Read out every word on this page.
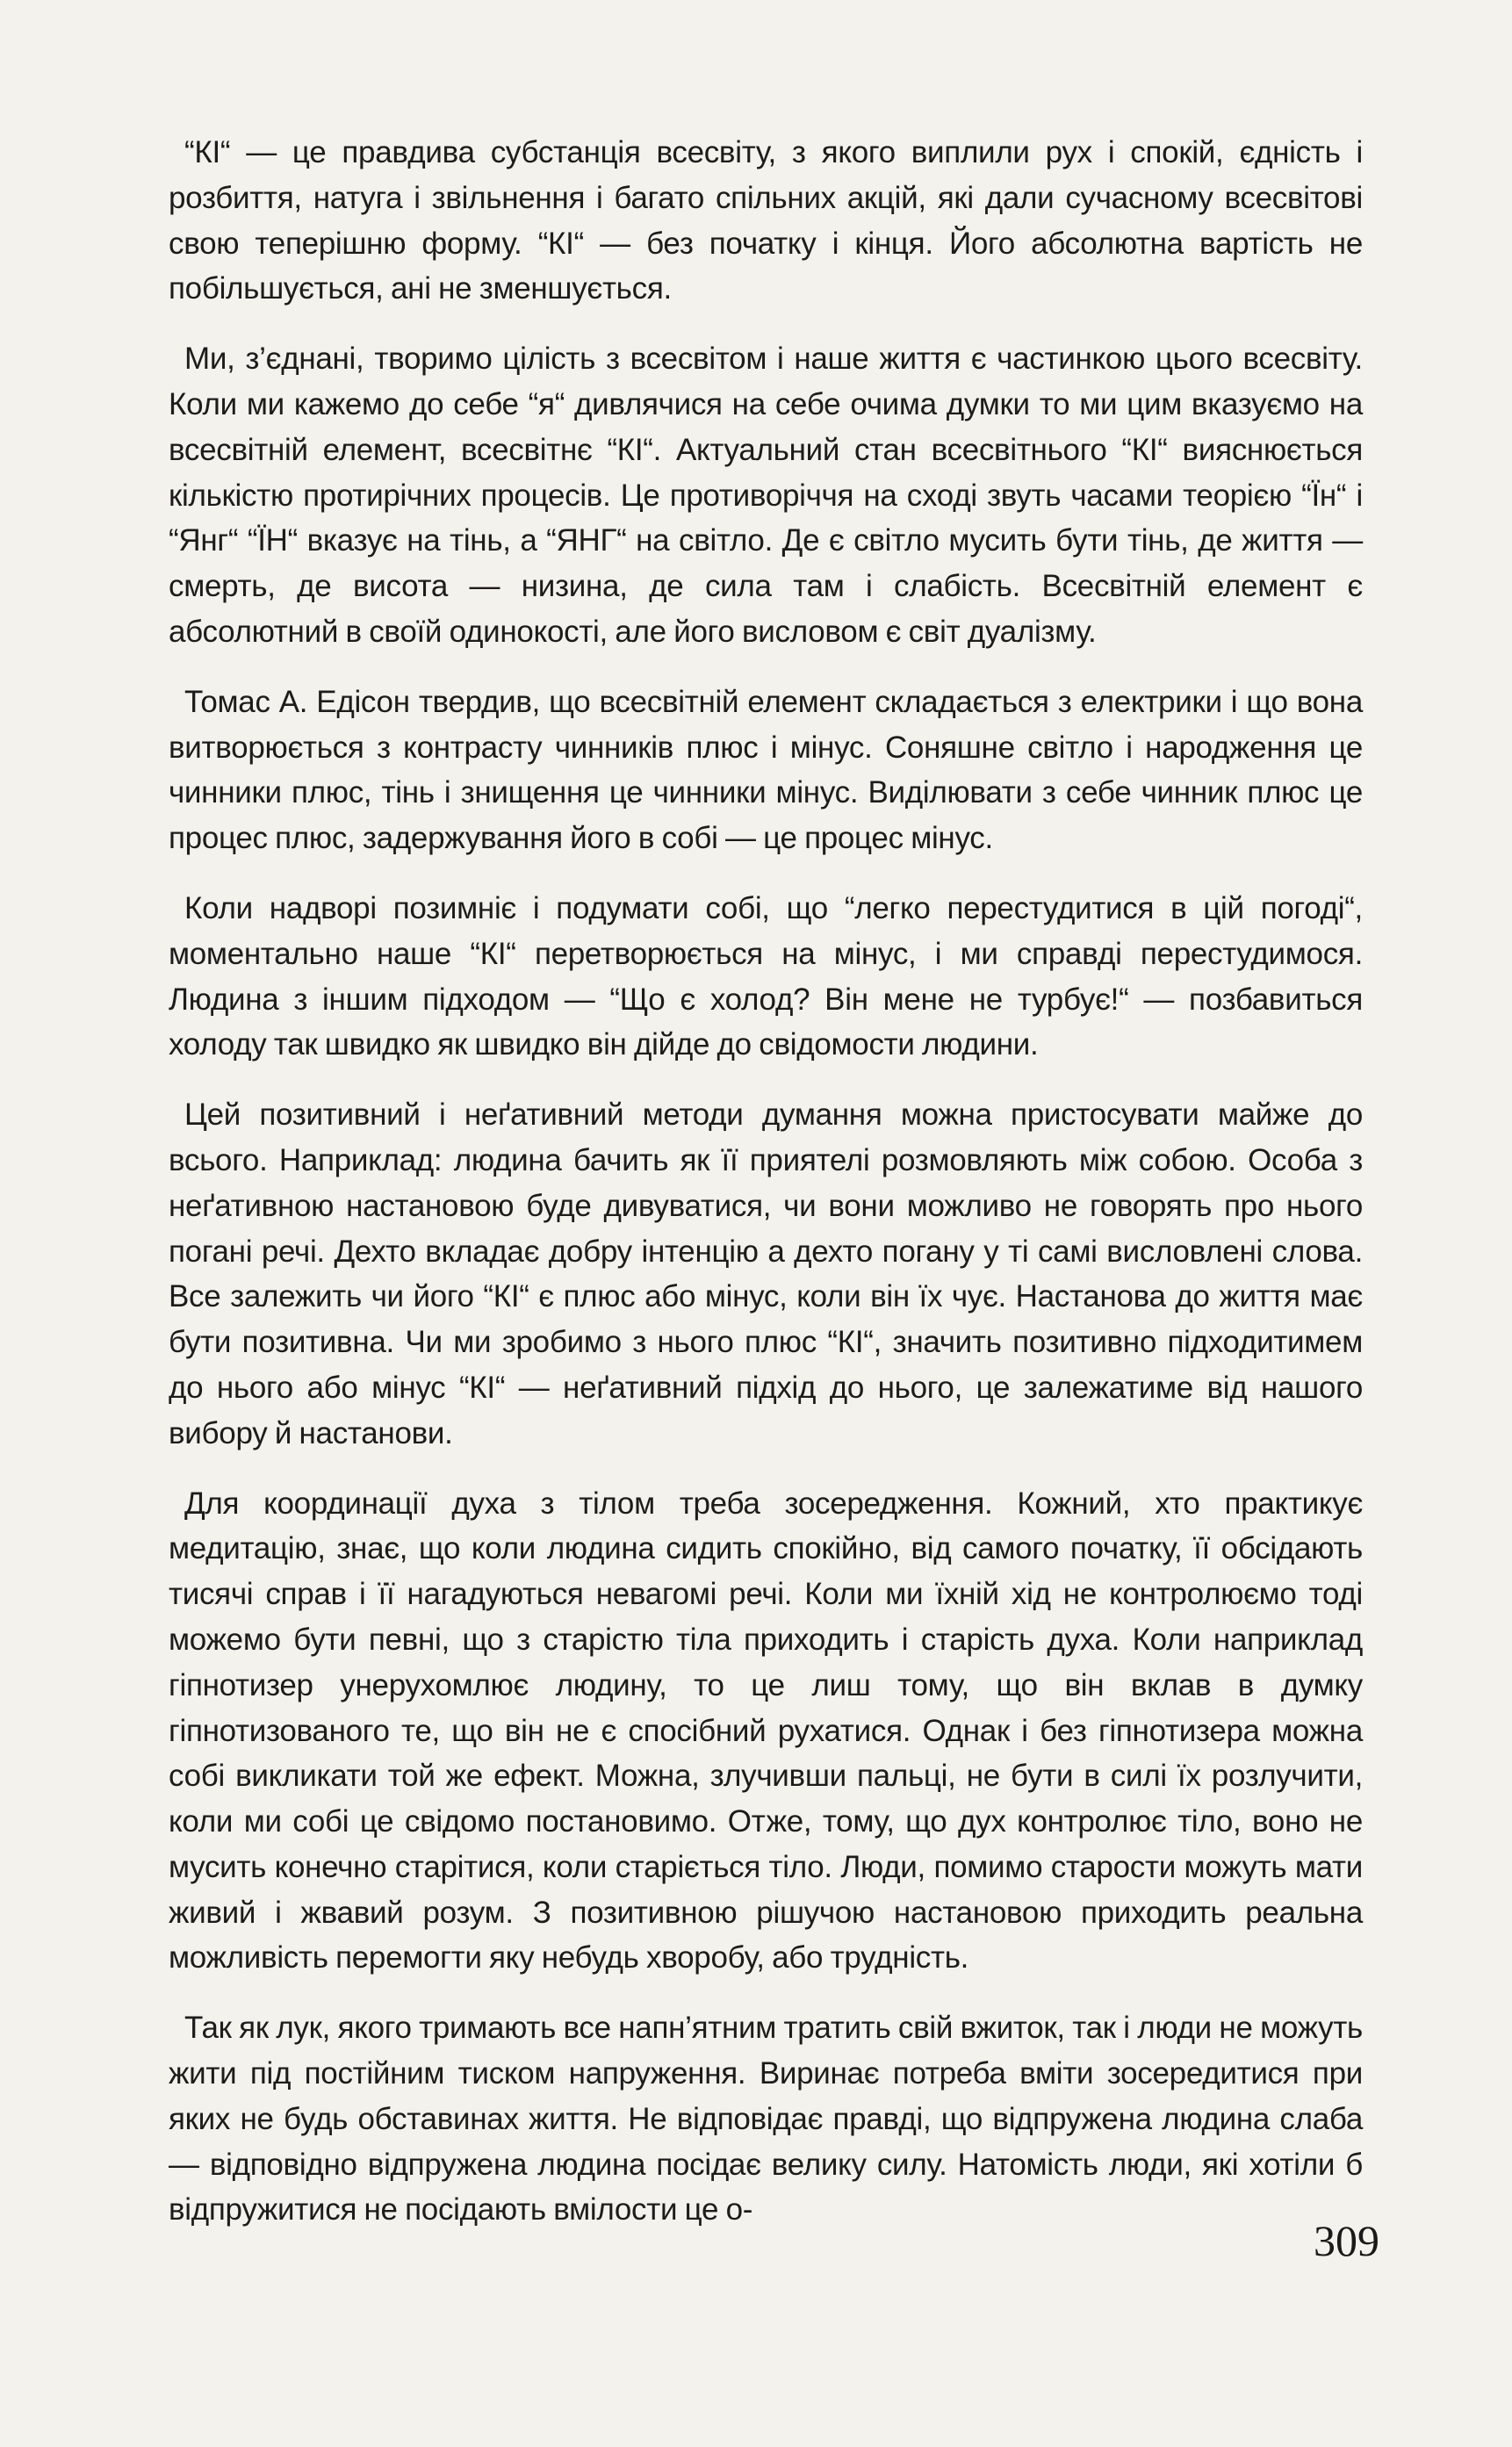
“КІ“ — це правдива субстанція всесвіту, з якого виплили рух і спокій, єдність і розбиття, натуга і звільнення і багато спільних акцій, які дали сучасному всесвітові свою теперішню форму. “КІ“ — без початку і кінця. Його абсолютна вартість не побільшується, ані не зменшується.

Ми, з’єднані, творимо цілість з всесвітом і наше життя є частинкою цього всесвіту. Коли ми кажемо до себе “я“ дивлячися на себе очима думки то ми цим вказуємо на всесвітній елемент, всесвітнє “КІ“. Актуальний стан всесвітнього “КІ“ вияснюється кількістю протирічних процесів. Це противоріччя на сході звуть часами теорією “Їн“ і “Янг“ “ЇН“ вказує на тінь, а “ЯНГ“ на світло. Де є світло мусить бути тінь, де життя — смерть, де висота — низина, де сила там і слабість. Всесвітній елемент є абсолютний в своїй одинокості, але його висловом є світ дуалізму.

Томас А. Едісон твердив, що всесвітній елемент складається з електрики і що вона витворюється з контрасту чинників плюс і мінус. Соняшне світло і народження це чинники плюс, тінь і знищення це чинники мінус. Виділювати з себе чинник плюс це процес плюс, задержування його в собі — це процес мінус.

Коли надворі позимніє і подумати собі, що “легко перестудитися в цій погоді“, моментально наше “КІ“ перетворюється на мінус, і ми справді перестудимося. Людина з іншим підходом — “Що є холод? Він мене не турбує!“ — позбавиться холоду так швидко як швидко він дійде до свідомости людини.

Цей позитивний і неґативний методи думання можна пристосувати майже до всього. Наприклад: людина бачить як її приятелі розмовляють між собою. Особа з неґативною настановою буде дивуватися, чи вони можливо не говорять про нього погані речі. Дехто вкладає добру інтенцію а дехто погану у ті самі висловлені слова. Все залежить чи його “КІ“ є плюс або мінус, коли він їх чує. Настанова до життя має бути позитивна. Чи ми зробимо з нього плюс “КІ“, значить позитивно підходитимем до нього або мінус “КІ“ — неґативний підхід до нього, це залежатиме від нашого вибору й настанови.

Для координації духа з тілом треба зосередження. Кожний, хто практикує медитацію, знає, що коли людина сидить спокійно, від самого початку, її обсідають тисячі справ і її нагадуються невагомі речі. Коли ми їхній хід не контролюємо тоді можемо бути певні, що з старістю тіла приходить і старість духа. Коли наприклад гіпнотизер унерухомлює людину, то це лиш тому, що він вклав в думку гіпнотизованого те, що він не є спосібний рухатися. Однак і без гіпнотизера можна собі викликати той же ефект. Можна, злучивши пальці, не бути в силі їх розлучити, коли ми собі це свідомо постановимо. Отже, тому, що дух контролює тіло, воно не мусить конечно старітися, коли старіється тіло. Люди, помимо старости можуть мати живий і жвавий розум. З позитивною рішучою настановою приходить реальна можливість перемогти яку небудь хворобу, або трудність.

Так як лук, якого тримають все напн’ятним тратить свій вжиток, так і люди не можуть жити під постійним тиском напруження. Виринає потреба вміти зосередитися при яких не будь обставинах життя. Не відповідає правді, що відпружена людина слаба — відповідно відпружена людина посідає велику силу. Натомість люди, які хотіли б відпружитися не посідають вмілости це о-

309
